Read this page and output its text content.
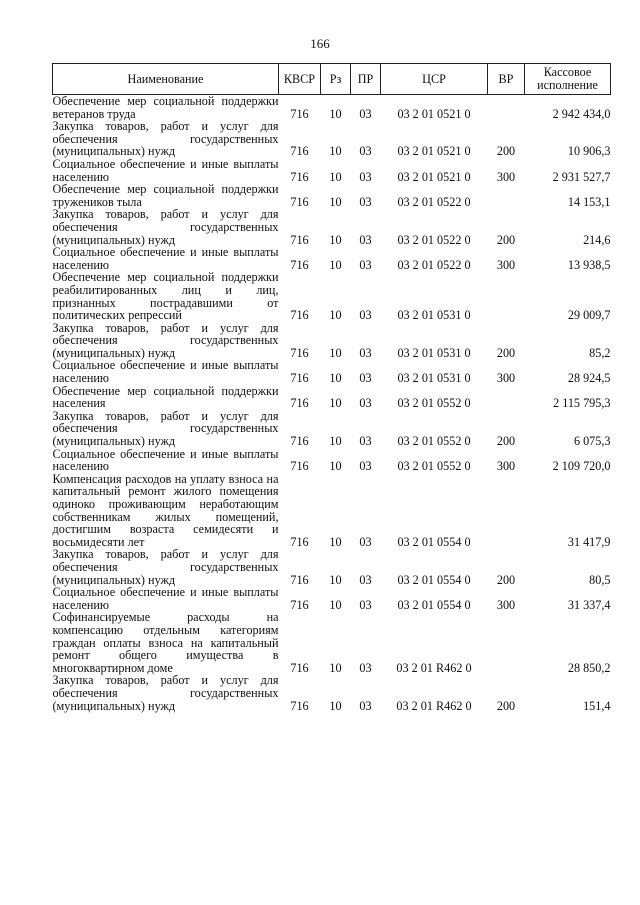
166
Наименование	КВСР	Рз	ПР	ЦСР	ВР	Кассовое
исполнение

Обеспечение мер социальной поддержки ветеранов труда	716	10	03	03 2 01 0521 0		2 942 434,0
Закупка товаров, работ и услуг для обеспечения государственных (муниципальных) нужд	716	10	03	03 2 01 0521 0	200	10 906,3
Социальное обеспечение и иные выплаты населению	716	10	03	03 2 01 0521 0	300	2 931 527,7
Обеспечение мер социальной поддержки тружеников тыла	716	10	03	03 2 01 0522 0		14 153,1
Закупка товаров, работ и услуг для обеспечения государственных (муниципальных) нужд	716	10	03	03 2 01 0522 0	200	214,6
Социальное обеспечение и иные выплаты населению	716	10	03	03 2 01 0522 0	300	13 938,5
Обеспечение мер социальной поддержки реабилитированных лиц и лиц, признанных пострадавшими от политических репрессий	716	10	03	03 2 01 0531 0		29 009,7
Закупка товаров, работ и услуг для обеспечения государственных (муниципальных) нужд	716	10	03	03 2 01 0531 0	200	85,2
Социальное обеспечение и иные выплаты населению	716	10	03	03 2 01 0531 0	300	28 924,5
Обеспечение мер социальной поддержки населения	716	10	03	03 2 01 0552 0		2 115 795,3
Закупка товаров, работ и услуг для обеспечения государственных (муниципальных) нужд	716	10	03	03 2 01 0552 0	200	6 075,3
Социальное обеспечение и иные выплаты населению	716	10	03	03 2 01 0552 0	300	2 109 720,0
Компенсация расходов на уплату взноса на капитальный ремонт жилого помещения одиноко проживающим неработающим собственникам жилых помещений, достигшим возраста семидесяти и восьмидесяти лет	716	10	03	03 2 01 0554 0		31 417,9
Закупка товаров, работ и услуг для обеспечения государственных (муниципальных) нужд	716	10	03	03 2 01 0554 0	200	80,5
Социальное обеспечение и иные выплаты населению	716	10	03	03 2 01 0554 0	300	31 337,4
Софинансируемые расходы на компенсацию отдельным категориям граждан оплаты взноса на капитальный ремонт общего имущества в многоквартирном доме	716	10	03	03 2 01 R462 0		28 850,2
Закупка товаров, работ и услуг для обеспечения государственных (муниципальных) нужд	716	10	03	03 2 01 R462 0	200	151,4
